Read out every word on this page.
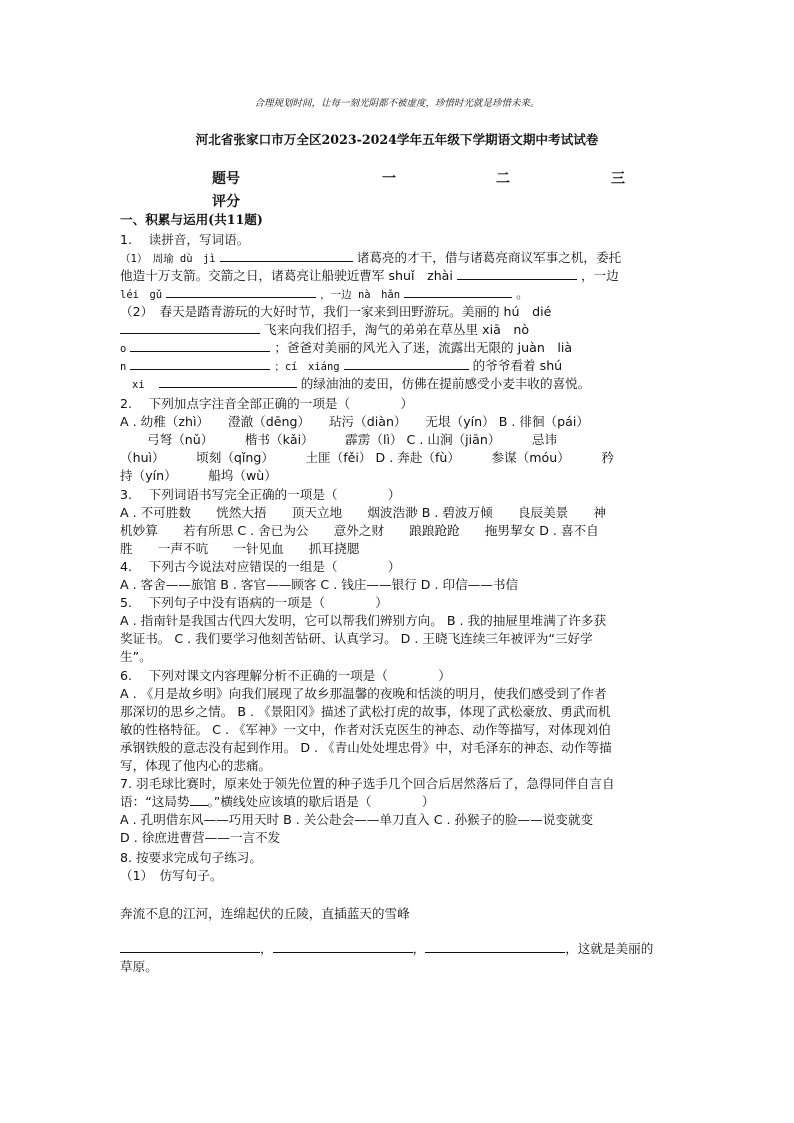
合理规划时间，让每一刻光阴都不被虚度，珍惜时光就是珍惜未来。
河北省张家口市万全区2023-2024学年五年级下学期语文期中考试试卷
题号	一	二	三
评分
一、积累与运用(共11题)
1.　 读拼音，写词语。
（1）　周瑜 dù　jì	诸葛亮的才干，借与诸葛亮商议军事之机，委托
他造十万支箭。交箭之日，诸葛亮让船驶近曹军 shuǐ　zhài	，一边
léi　gǔ	，一边 nà　hǎn	。
（2）　春天是踏青游玩的大好时节，我们一家来到田野游玩。美丽的 hú　dié
飞来向我们招手，淘气的弟弟在草丛里 xiā　nò
o	；爸爸对美丽的风光入了迷，流露出无限的 juàn　lià
n	；cí　xiáng	的爷爷看着 shú
xi	的绿油油的麦田，仿佛在提前感受小麦丰收的喜悦。
2.　 下列加点字注音全部正确的一项是（　　　　）
A . 幼稚（zhì）　　澄澈（dēng）　　玷污（diàn）　　无垠（yín） B . 徘徊（pái）
弓弩（nǔ）　　　楷书（kǎi）　　　霹雳（lì） C . 山涧（jiān）　　　忌讳
（huì）　　　顷刻（qǐng）　　　土匪（fěi） D . 奔赴（fù）　　　参谋（móu）　　　矜
持（yín）　　　船坞（wù）
3.　 下列词语书写完全正确的一项是（　　　　）
A . 不可胜数　　恍然大捂　　顶天立地　　烟波浩渺 B . 碧波万倾　　良辰美景　　神
机妙算　　若有所思 C . 舍已为公　　意外之财　　踉踉跄跄　　拖男挈女 D . 喜不自
胜　　一声不吭　　一针见血　　抓耳挠腮
4.　 下列古今说法对应错误的一组是（　　　　）
A . 客舍——旅馆 B . 客官——顾客 C . 钱庄——银行 D . 印信——书信
5.　 下列句子中没有语病的一项是（　　　　）
A . 指南针是我国古代四大发明，它可以帮我们辨别方向。 B . 我的抽屉里堆满了许多获
奖证书。 C . 我们要学习他刻苦钻研、认真学习。 D . 王晓飞连续三年被评为“三好学
生”。
6.　 下列对课文内容理解分析不正确的一项是（　　　　）
A . 《月是故乡明》向我们展现了故乡那温馨的夜晚和恬淡的明月，使我们感受到了作者
那深切的思乡之情。 B . 《景阳冈》描述了武松打虎的故事，体现了武松豪放、勇武而机
敏的性格特征。 C . 《军神》一文中，作者对沃克医生的神态、动作等描写，对体现刘伯
承钢铁般的意志没有起到作用。 D . 《青山处处埋忠骨》中，对毛泽东的神态、动作等描
写，体现了他内心的悲痛。
7. 羽毛球比赛时，原来处于领先位置的种子选手几个回合后居然落后了，急得同伴自言自
语：“这局势 。”横线处应该填的歇后语是（　　　　）
A . 孔明借东风——巧用天时 B . 关公赴会——单刀直入 C . 孙猴子的脸——说变就变
D . 徐庶进曹营——一言不发
8. 按要求完成句子练习。
（1）　仿写句子。
奔流不息的江河，连绵起伏的丘陵，直插蓝天的雪峰
，	，	，这就是美丽的
草原。
